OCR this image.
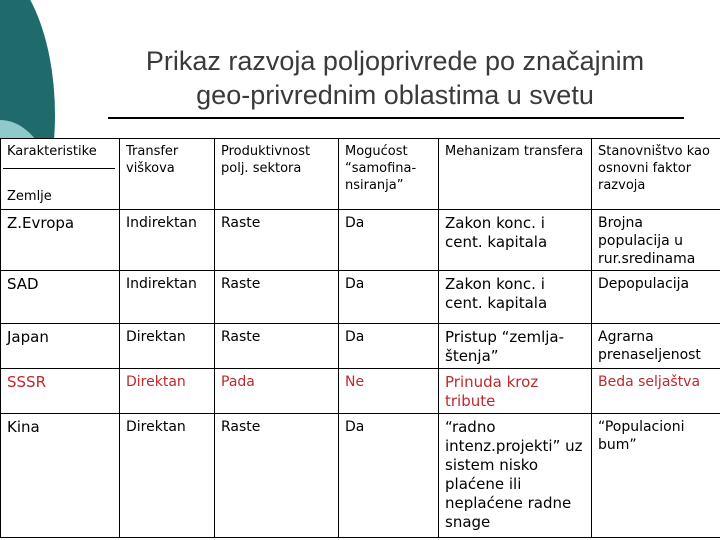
Prikaz razvoja poljoprivrede po značajnim
geo-privrednim oblastima u svetu
Karakteristike
Zemlje	Transfer viškova	Produktivnost polj. sektora	Mogućost “samofina-nsiranja”	Mehanizam transfera	Stanovništvo kao osnovni faktor razvoja
Z.Evropa	Indirektan	Raste	Da	Zakon konc. i cent. kapitala	Brojna populacija u rur.sredinama
SAD	Indirektan	Raste	Da	Zakon konc. i cent. kapitala	Depopulacija
Japan	Direktan	Raste	Da	Pristup “zemlja-štenja”	Agrarna prenaseljenost
SSSR	Direktan	Pada	Ne	Prinuda kroz tribute	Beda seljaštva
Kina	Direktan	Raste	Da	“radno intenz.projekti” uz sistem nisko plaćene ili neplaćene radne snage	“Populacioni bum”
